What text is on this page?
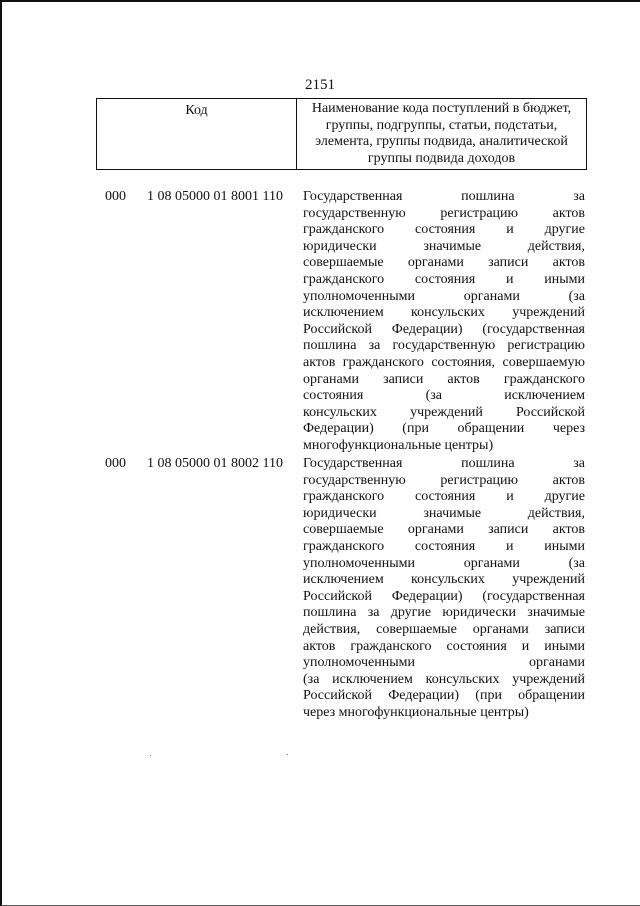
2151
Код	Наименование кода поступлений в бюджет,
группы, подгруппы, статьи, подстатьи,
элемента, группы подвида, аналитической
группы подвида доходов
000 1 08 05000 01 8001 110 Государственная пошлина за
государственную регистрацию актов
гражданского состояния и другие
юридически значимые действия,
совершаемые органами записи актов
гражданского состояния и иными
уполномоченными органами (за
исключением консульских учреждений
Российской Федерации) (государственная
пошлина за государственную регистрацию
актов гражданского состояния, совершаемую
органами записи актов гражданского
состояния (за исключением
консульских учреждений Российской
Федерации) (при обращении через
многофункциональные центры)
000 1 08 05000 01 8002 110 Государственная пошлина за
государственную регистрацию актов
гражданского состояния и другие
юридически значимые действия,
совершаемые органами записи актов
гражданского состояния и иными
уполномоченными органами (за
исключением консульских учреждений
Российской Федерации) (государственная
пошлина за другие юридически значимые
действия, совершаемые органами записи
актов гражданского состояния и иными
уполномоченными органами
(за исключением консульских учреждений
Российской Федерации) (при обращении
через многофункциональные центры)
